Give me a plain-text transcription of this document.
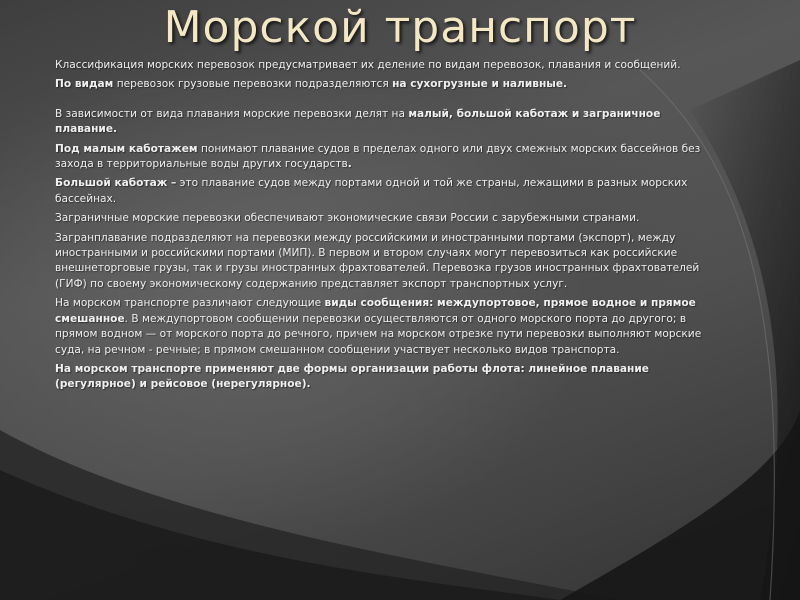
Морской транспорт
Классификация морских перевозок предусматривает их деление по видам перевозок, плавания и сообщений.
По видам перевозок грузовые перевозки подразделяются на сухогрузные и наливные.
В зависимости от вида плавания морские перевозки делят на малый, большой каботаж и заграничное плавание.
Под малым каботажем понимают плавание судов в пределах одного или двух смежных морских бассейнов без захода в территориальные воды других государств.
Большой каботаж – это плавание судов между портами одной и той же страны, лежащими в разных морских бассейнах.
Заграничные морские перевозки обеспечивают экономические связи России с зарубежными странами.
Загранплавание подразделяют на перевозки между российскими и иностранными портами (экспорт), между иностранными и российскими портами (МИП). В первом и втором случаях могут перевозиться как российские внешнеторговые грузы, так и грузы иностранных фрахтователей. Перевозка грузов иностранных фрахтователей (ГИФ) по своему экономическому содержанию представляет экспорт транспортных услуг.
На морском транспорте различают следующие виды сообщения: междупортовое, прямое водное и прямое смешанное. В междупортовом сообщении перевозки осуществляются от одного морского порта до другого; в прямом водном — от морского порта до речного, причем на морском отрезке пути перевозки выполняют морские суда, на речном - речные; в прямом смешанном сообщении участвует несколько видов транспорта.
На морском транспорте применяют две формы организации работы флота: линейное плавание (регулярное) и рейсовое (нерегулярное).
